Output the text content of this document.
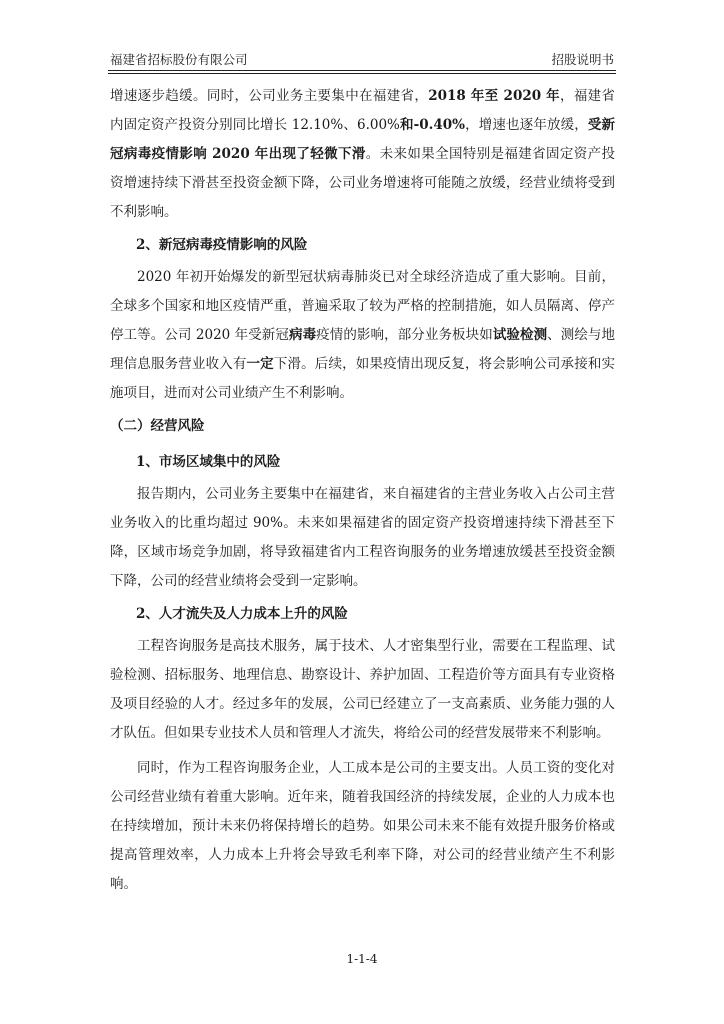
福建省招标股份有限公司	招股说明书

增速逐步趋缓。同时，公司业务主要集中在福建省，2018 年至 2020 年，福建省内固定资产投资分别同比增长 12.10%、6.00%和-0.40%，增速也逐年放缓，受新冠病毒疫情影响 2020 年出现了轻微下滑。未来如果全国特别是福建省固定资产投资增速持续下滑甚至投资金额下降，公司业务增速将可能随之放缓，经营业绩将受到不利影响。

2、新冠病毒疫情影响的风险

2020 年初开始爆发的新型冠状病毒肺炎已对全球经济造成了重大影响。目前，全球多个国家和地区疫情严重，普遍采取了较为严格的控制措施，如人员隔离、停产停工等。公司 2020 年受新冠病毒疫情的影响，部分业务板块如试验检测、测绘与地理信息服务营业收入有一定下滑。后续，如果疫情出现反复，将会影响公司承接和实施项目，进而对公司业绩产生不利影响。

（二）经营风险

1、市场区域集中的风险

报告期内，公司业务主要集中在福建省，来自福建省的主营业务收入占公司主营业务收入的比重均超过 90%。未来如果福建省的固定资产投资增速持续下滑甚至下降，区域市场竞争加剧，将导致福建省内工程咨询服务的业务增速放缓甚至投资金额下降，公司的经营业绩将会受到一定影响。

2、人才流失及人力成本上升的风险

工程咨询服务是高技术服务，属于技术、人才密集型行业，需要在工程监理、试验检测、招标服务、地理信息、勘察设计、养护加固、工程造价等方面具有专业资格及项目经验的人才。经过多年的发展，公司已经建立了一支高素质、业务能力强的人才队伍。但如果专业技术人员和管理人才流失，将给公司的经营发展带来不利影响。

同时，作为工程咨询服务企业，人工成本是公司的主要支出。人员工资的变化对公司经营业绩有着重大影响。近年来，随着我国经济的持续发展，企业的人力成本也在持续增加，预计未来仍将保持增长的趋势。如果公司未来不能有效提升服务价格或提高管理效率，人力成本上升将会导致毛利率下降，对公司的经营业绩产生不利影响。

1-1-4
